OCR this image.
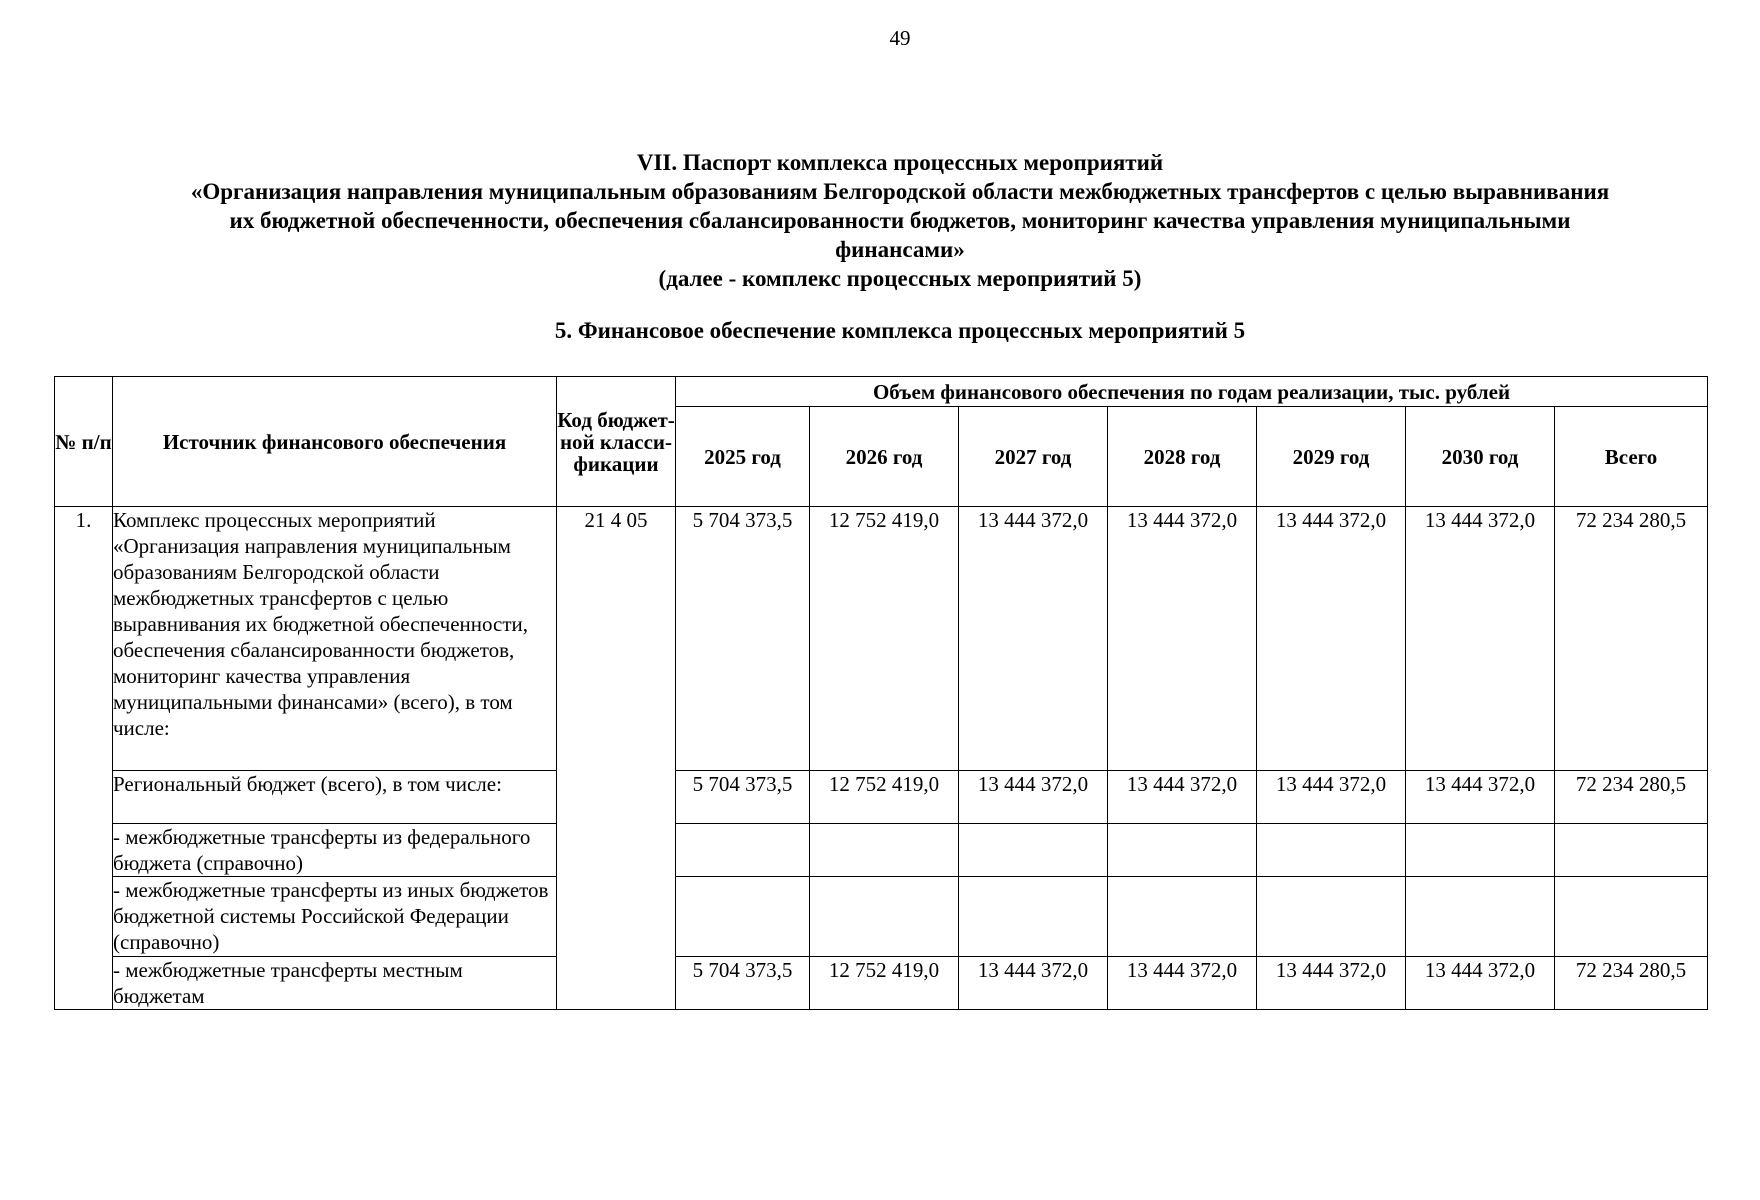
49
VII. Паспорт комплекса процессных мероприятий
«Организация направления муниципальным образованиям Белгородской области межбюджетных трансфертов с целью выравнивания
их бюджетной обеспеченности, обеспечения сбалансированности бюджетов, мониторинг качества управления муниципальными
финансами»
(далее - комплекс процессных мероприятий 5)
5. Финансовое обеспечение комплекса процессных мероприятий 5
№ п/п	Источник финансового обеспечения	Код бюджет-ной класси-фикации	Объем финансового обеспечения по годам реализации, тыс. рублей						
			2025 год	2026 год	2027 год	2028 год	2029 год	2030 год	Всего
1.	Комплекс процессных мероприятий «Организация направления муниципальным образованиям Белгородской области межбюджетных трансфертов с целью выравнивания их бюджетной обеспеченности, обеспечения сбалансированности бюджетов, мониторинг качества управления муниципальными финансами» (всего), в том числе:	21 4 05	5 704 373,5	12 752 419,0	13 444 372,0	13 444 372,0	13 444 372,0	13 444 372,0	72 234 280,5
	Региональный бюджет (всего), в том числе:		5 704 373,5	12 752 419,0	13 444 372,0	13 444 372,0	13 444 372,0	13 444 372,0	72 234 280,5
	- межбюджетные трансферты из федерального бюджета (справочно)								
	- межбюджетные трансферты из иных бюджетов бюджетной системы Российской Федерации (справочно)								
	- межбюджетные трансферты местным бюджетам		5 704 373,5	12 752 419,0	13 444 372,0	13 444 372,0	13 444 372,0	13 444 372,0	72 234 280,5
